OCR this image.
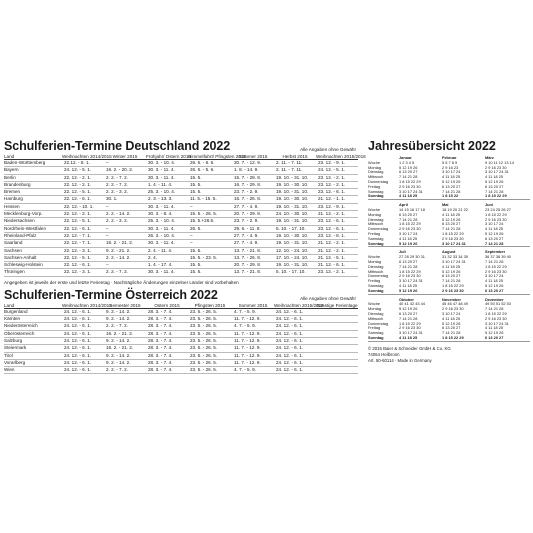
Schulferien-Termine Deutschland 2022	Alle Angaben ohne Gewähr
Land	Weihnachten 2014/2015	Winter 2015	Frühjahr/ Ostern 2015	Himmelfahrt/ Pfingsten 2015	Sommer 2015	Herbst 2015	Weihnachten 2015/2016
Baden-Württemberg	22.12. - 5. 1.	–	30. 3. - 10. 4.	26. 5. - 6. 6.	30. 7. - 12. 9.	2. 11. - 7. 11.	23. 12. - 9. 1.
Bayern	24. 12. - 5. 1.	16. 2. - 20. 2.	30. 3. - 11. 4.	26. 5. - 5. 6.	1. 8. - 14. 9.	2. 11. - 7. 11.	24. 12. - 5. 1.
Berlin	22. 12. - 2. 1.	2. 2. - 7. 2.	30. 3. - 11. 4.	15. 5.	15. 7. - 28. 8.	19. 10. - 31. 10.	23. 12. - 2. 1.
Brandenburg	22. 12. - 2. 1.	2. 2. - 7. 2.	1. 4. - 11. 4.	15. 5.	16. 7. - 29. 8.	19. 10. - 30. 10.	23. 12. - 2. 1.
Bremen	22. 12. - 5. 1.	2. 2. - 3. 2.	25. 3. - 10. 4.	15. 5.	23. 7. - 2. 9.	19. 10. - 31. 10.	23. 12. - 6. 1.
Hamburg	22. 12. - 6. 1.	30. 1.	2. 3. - 13. 3.	11. 5. - 15. 5.	16. 7. - 26. 8.	19. 10. - 30. 10.	21. 12. - 1. 1.
Hessen	22. 12. - 10. 1.	–	30. 3. - 11. 4.	–	27. 7. - 4. 9.	19. 10. - 31. 10.	23. 12. - 9. 1.
Mecklenburg-Vorp.	22. 12. - 2. 1.	2. 2. - 14. 2.	30. 3. - 8. 4.	15. 5. - 26. 5.	20. 7. - 29. 8.	24. 10. - 30. 10.	21. 12. - 2. 1.
Niedersachsen	22. 12. - 5. 1.	2. 2. - 3. 2.	25. 3. - 10. 4.	15. 5.+26.5.	23. 7. - 2. 9.	19. 10. - 31. 10.	23. 12. - 6. 1.
Nordrhein-Westfalen	22. 12. - 6. 1.	–	30. 3. - 11. 4.	26. 5.	29. 6. - 11. 8.	5. 10. - 17. 10.	23. 12. - 6. 1.
Rheinland-Pfalz	22. 12. - 7. 1.	–	26. 3. - 10. 4.	–	27. 7. - 4. 9.	19. 10. - 30. 10.	23. 12. - 8. 1.
Saarland	22. 12. - 7. 1.	16. 2. - 21. 2.	30. 3. - 11. 4.	–	27. 7. - 4. 9.	19. 10. - 31. 10.	21. 12. - 2. 1.
Sachsen	22. 12. - 3. 1.	9. 2. - 21. 2.	2. 4. - 11. 4.	15. 5.	13. 7. - 21. 8.	12. 10. - 24. 10.	21. 12. - 2. 1.
Sachsen-Anhalt	22. 12. - 5. 1.	2. 2. - 14. 2.	2. 4.	15. 5. - 23. 5.	13. 7. - 26. 8.	17. 10. - 24. 10.	21. 12. - 5. 1.
Schleswig-Holstein	22. 12. - 6. 1.	–	1. 4. - 17. 4.	15. 5.	20. 7. - 29. 8.	19. 10. - 31. 10.	21. 12. - 6. 1.
Thüringen	22. 12. - 3. 1.	2. 2. - 7. 2.	30. 3. - 11. 4.	15. 5.	13. 7. - 21. 8.	5. 10. - 17. 10.	23. 12. - 2. 1.
Angegeben ist jeweils der erste und letzte Ferientag · Nachträgliche Änderungen einzelner Länder sind vorbehalten
Schulferien-Termine Österreich 2022	Alle Angaben ohne Gewähr
Land	Weihnachten 2014/2015	Semester 2015	Ostern 2015	Pfingsten 2015	Sommer 2015	Weihnachten 2015/2016	Sonstige Ferientage
Burgenland	24. 12. - 6. 1.	9. 2. - 14. 2.	28. 3. - 7. 4.	23. 5. - 26. 5.	4. 7. - 5. 9.	24. 12. - 6. 1.	
Kärnten	24. 12. - 6. 1.	9. 2. - 14. 2.	28. 3. - 7. 4.	23. 5. - 26. 5.	11. 7. - 12. 9.	24. 12. - 6. 1.	
Niederösterreich	24. 12. - 6. 1.	2. 2. - 7. 2.	28. 3. - 7. 4.	23. 5. - 26. 5.	4. 7. - 5. 9.	24. 12. - 6. 1.	
Oberösterreich	24. 12. - 6. 1.	16. 2. - 21. 2.	28. 3. - 7. 4.	23. 5. - 26. 5.	11. 7. - 12. 9.	24. 12. - 6. 1.	
Salzburg	24. 12. - 6. 1.	9. 2. - 14. 2.	28. 3. - 7. 4.	23. 5. - 26. 5.	11. 7. - 12. 9.	24. 12. - 6. 1.	
Steiermark	24. 12. - 6. 1.	16. 2. - 21. 2.	28. 3. - 7. 4.	23. 5. - 26. 5.	11. 7. - 12. 9.	24. 12. - 6. 1.	
Tirol	24. 12. - 6. 1.	9. 2. - 14. 2.	28. 3. - 7. 4.	23. 5. - 26. 5.	11. 7. - 12. 9.	24. 12. - 6. 1.	
Vorarlberg	24. 12. - 6. 1.	9. 2. - 14. 2.	28. 3. - 7. 4.	23. 5. - 26. 5.	11. 7. - 12. 9.	24. 12. - 6. 1.	
Wien	24. 12. - 6. 1.	2. 2. - 7. 2.	28. 3. - 7. 4.	23. 5. - 26. 5.	4. 7. - 5. 9.	24. 12. - 6. 1.	
Jahresübersicht 2022
Januar	Februar	März
Woche	1 2 3 4 5	5 6 7 8 9	9 10 11 12 13 14
Montag	5 12 19 26	2 9 16 23	2 9 16 23 30
Dienstag	6 13 20 27	3 10 17 24	3 10 17 24 31
Mittwoch	7 14 21 28	4 11 18 25	4 11 18 25
Donnerstag	1 8 15 22 29	5 12 19 26	5 12 19 26
Freitag	2 9 16 23 30	6 13 20 27	6 13 20 27
Samstag	3 10 17 24 31	7 14 21 28	7 14 21 28
Sonntag	4 11 18 25	1 8 15 22	1 8 15 22 29
April	Mai	Juni
Woche	14 15 16 17 18	18 19 20 21 22	23 24 25 26 27
Montag	6 13 20 27	4 11 18 25	1 8 15 22 29
Dienstag	7 14 21 28	5 12 19 26	2 9 16 23 30
Mittwoch	1 8 15 22 29	6 13 20 27	3 10 17 24
Donnerstag	2 9 16 23 30	7 14 21 28	4 11 18 25
Freitag	3 10 17 24	1 8 15 22 29	5 12 19 26
Samstag	4 11 18 25	2 9 16 23 30	6 13 20 27
Sonntag	5 12 19 26	3 10 17 24 31	7 14 21 28
Juli	August	September
Woche	27 28 29 30 31	31 32 33 34 35	36 37 38 39 40
Montag	6 13 20 27	3 10 17 24 31	7 14 21 28
Dienstag	7 14 21 28	4 11 18 25	1 8 15 22 29
Mittwoch	1 8 15 22 29	5 12 19 26	2 9 16 23 30
Donnerstag	2 9 16 23 30	6 13 20 27	3 10 17 24
Freitag	3 10 17 24 31	7 14 21 28	4 11 18 25
Samstag	4 11 18 25	1 8 15 22 29	5 12 19 26
Sonntag	5 12 19 26	2 9 16 23 30	6 13 20 27
Oktober	November	Dezember
Woche	40 41 42 43 44	45 46 47 48 49	49 50 51 52 53
Montag	5 12 19 26	2 9 16 23 30	7 14 21 28
Dienstag	6 13 20 27	3 10 17 24	1 8 15 22 29
Mittwoch	7 14 21 28	4 11 18 25	2 9 16 23 30
Donnerstag	1 8 15 22 29	5 12 19 26	3 10 17 24 31
Freitag	2 9 16 23 30	6 13 20 27	4 11 18 25
Samstag	3 10 17 24 31	7 14 21 28	5 12 19 26
Sonntag	4 11 18 25	1 8 15 22 29	6 13 20 27
© 2015 Baier & Schneider GmbH & Co. KG
74064 Heilbronn
Art. 50-60114 · Made in Germany
